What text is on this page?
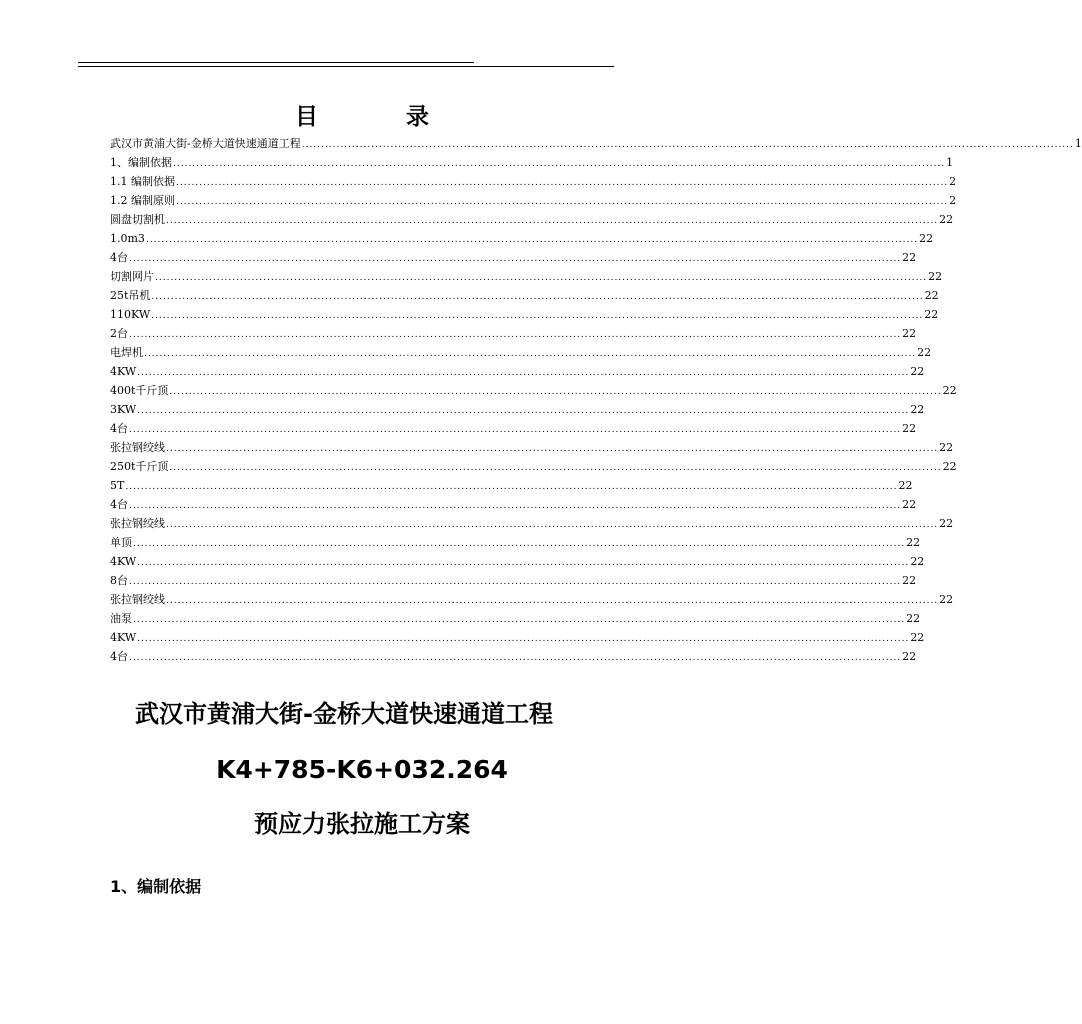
目 录
武汉市黄浦大街-金桥大道快速通道工程 ........................................................................................................................................................................................................ 1
1、编制依据 ........................................................................................................................................................................................................ 1
1.1 编制依据 ........................................................................................................................................................................................................ 2
1.2 编制原则 ........................................................................................................................................................................................................ 2
圆盘切割机 ........................................................................................................................................................................................................ 22
1.0m3 ........................................................................................................................................................................................................ 22
4台 ........................................................................................................................................................................................................ 22
切割网片 ........................................................................................................................................................................................................ 22
25t吊机 ........................................................................................................................................................................................................ 22
110KW ........................................................................................................................................................................................................ 22
2台 ........................................................................................................................................................................................................ 22
电焊机 ........................................................................................................................................................................................................ 22
4KW ........................................................................................................................................................................................................ 22
400t千斤顶 ........................................................................................................................................................................................................ 22
3KW ........................................................................................................................................................................................................ 22
4台 ........................................................................................................................................................................................................ 22
张拉钢绞线 ........................................................................................................................................................................................................ 22
250t千斤顶 ........................................................................................................................................................................................................ 22
5T ........................................................................................................................................................................................................ 22
4台 ........................................................................................................................................................................................................ 22
张拉钢绞线 ........................................................................................................................................................................................................ 22
单顶 ........................................................................................................................................................................................................ 22
4KW ........................................................................................................................................................................................................ 22
8台 ........................................................................................................................................................................................................ 22
张拉钢绞线 ........................................................................................................................................................................................................ 22
油泵 ........................................................................................................................................................................................................ 22
4KW ........................................................................................................................................................................................................ 22
4台 ........................................................................................................................................................................................................ 22
武汉市黄浦大街-金桥大道快速通道工程
K4+785-K6+032.264
预应力张拉施工方案
1、编制依据
